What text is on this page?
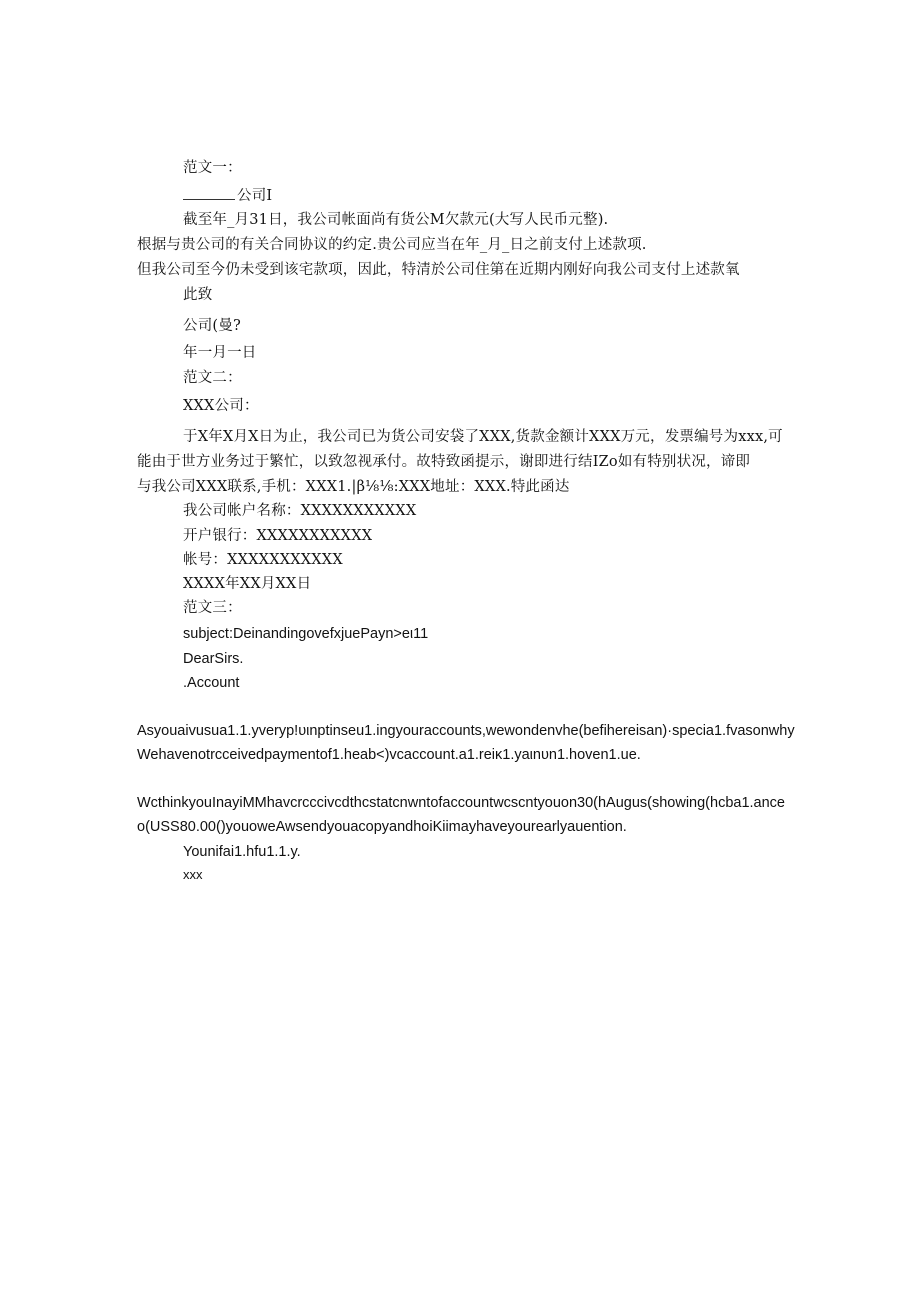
范文一：
公司I
截至年_月31日，我公司帐面尚有货公M欠款元(大写人民币元整).
根据与贵公司的有关合同协议的约定.贵公司应当在年_月_日之前支付上述款项.
但我公司至今仍未受到该宅款项，因此，特清於公司住第在近期内刚好向我公司支付上述款氧
此致
公司(曼?
年一月一日
范文二：
XXX公司：
于X年X月X日为止，我公司已为货公司安袋了XXX,货款金额计XXX万元，发票编号为xxx,可
能由于世方业务过于繁忙，以致忽视承付。故特致函提示，谢即进行结IZo如有特别状况，谛即
与我公司XXX联系,手机：XXX1.|β⅛⅛:XXX地址：XXX.特此函达
我公司帐户名称：XXXXXXXXXXX
开户银行：XXXXXXXXXXX
帐号：XXXXXXXXXXX
XXXX年XX月XX日
范文三：
subject:DeinandingovefxjuePayn>eι11
DearSirs.
.Account
Asyouaivusua1.1.yveryp!υιnptinseu1.ingyouraccounts,wewondenvhe(befihereisan)·specia1.fvasonwhy
Wehavenotrcceivedpaymentof1.heab<)vcaccount.a1.reiκ1.yaιnυn1.hoven1.ue.
WcthinkyouInayiMMhavcrcccivcdthcstatcnwntofaccountwcscntyouon30(hAugus(showing(hcba1.ance
o(USS80.00()youoweAwsendyouacopyandhoiKiimayhaveyourearlyauention.
Younifai1.hfu1.1.y.
xxx
